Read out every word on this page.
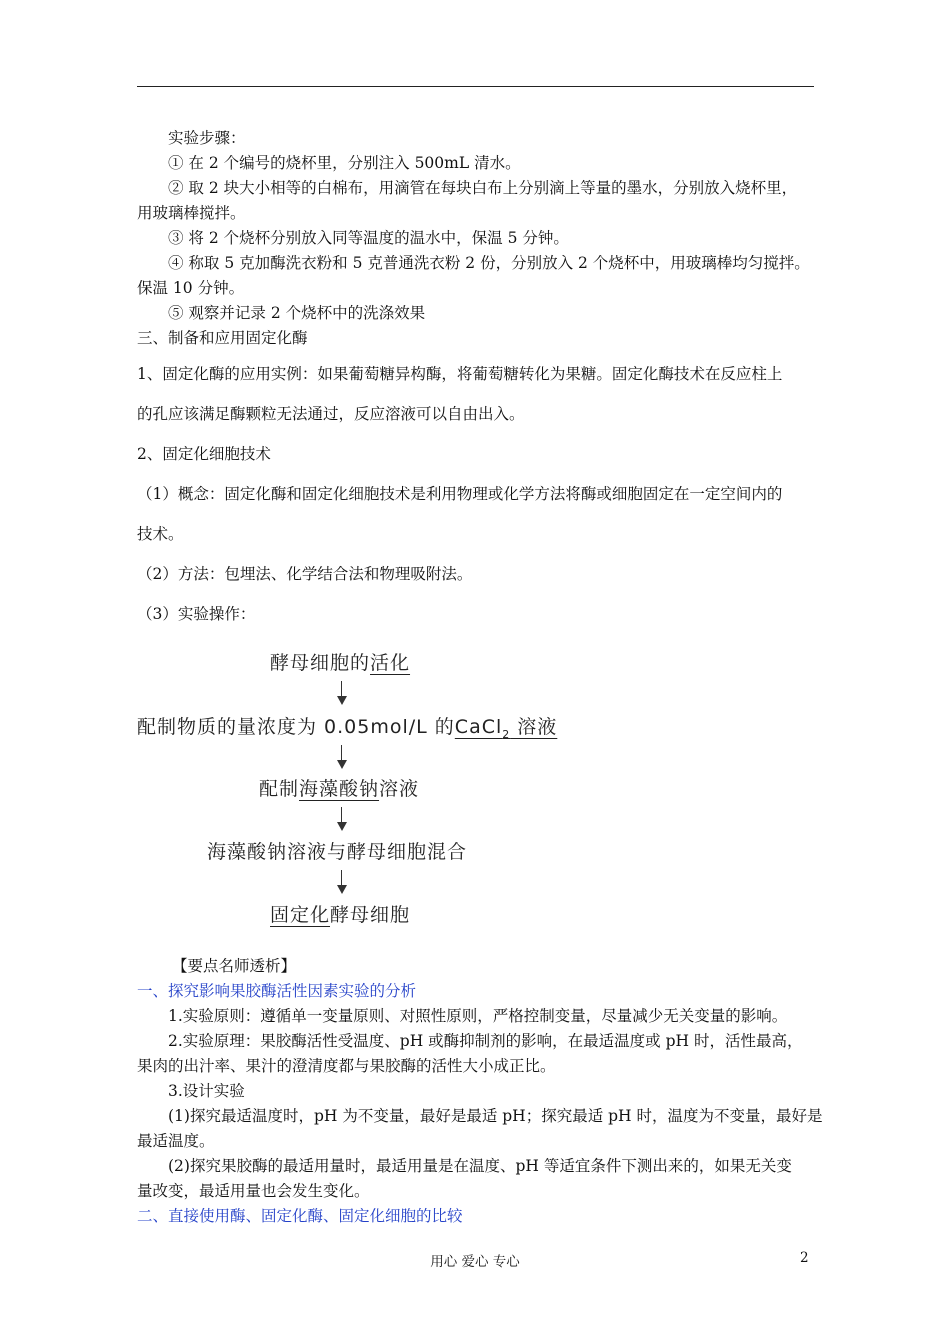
实验步骤：
① 在 2 个编号的烧杯里，分别注入 500mL 清水。
② 取 2 块大小相等的白棉布，用滴管在每块白布上分别滴上等量的墨水，分别放入烧杯里，
用玻璃棒搅拌。
③ 将 2 个烧杯分别放入同等温度的温水中，保温 5 分钟。
④ 称取 5 克加酶洗衣粉和 5 克普通洗衣粉 2 份，分别放入 2 个烧杯中，用玻璃棒均匀搅拌。
保温 10 分钟。
⑤ 观察并记录 2 个烧杯中的洗涤效果
三、制备和应用固定化酶
1、固定化酶的应用实例：如果葡萄糖异构酶，将葡萄糖转化为果糖。固定化酶技术在反应柱上
的孔应该满足酶颗粒无法通过，反应溶液可以自由出入。
2、固定化细胞技术
（1）概念：固定化酶和固定化细胞技术是利用物理或化学方法将酶或细胞固定在一定空间内的
技术。
（2）方法：包埋法、化学结合法和物理吸附法。
（3）实验操作：
酵母细胞的活化
配制物质的量浓度为 0.05mol/L 的CaCl$_2$ 溶液
配制海藻酸钠溶液
海藻酸钠溶液与酵母细胞混合
固定化酵母细胞
【要点名师透析】
一、探究影响果胶酶活性因素实验的分析
1.实验原则：遵循单一变量原则、对照性原则，严格控制变量，尽量减少无关变量的影响。
2.实验原理：果胶酶活性受温度、pH 或酶抑制剂的影响，在最适温度或 pH 时，活性最高，
果肉的出汁率、果汁的澄清度都与果胶酶的活性大小成正比。
3.设计实验
(1)探究最适温度时，pH 为不变量，最好是最适 pH；探究最适 pH 时，温度为不变量，最好是
最适温度。
(2)探究果胶酶的最适用量时，最适用量是在温度、pH 等适宜条件下测出来的，如果无关变
量改变，最适用量也会发生变化。
二、直接使用酶、固定化酶、固定化细胞的比较
用心 爱心 专心	2
